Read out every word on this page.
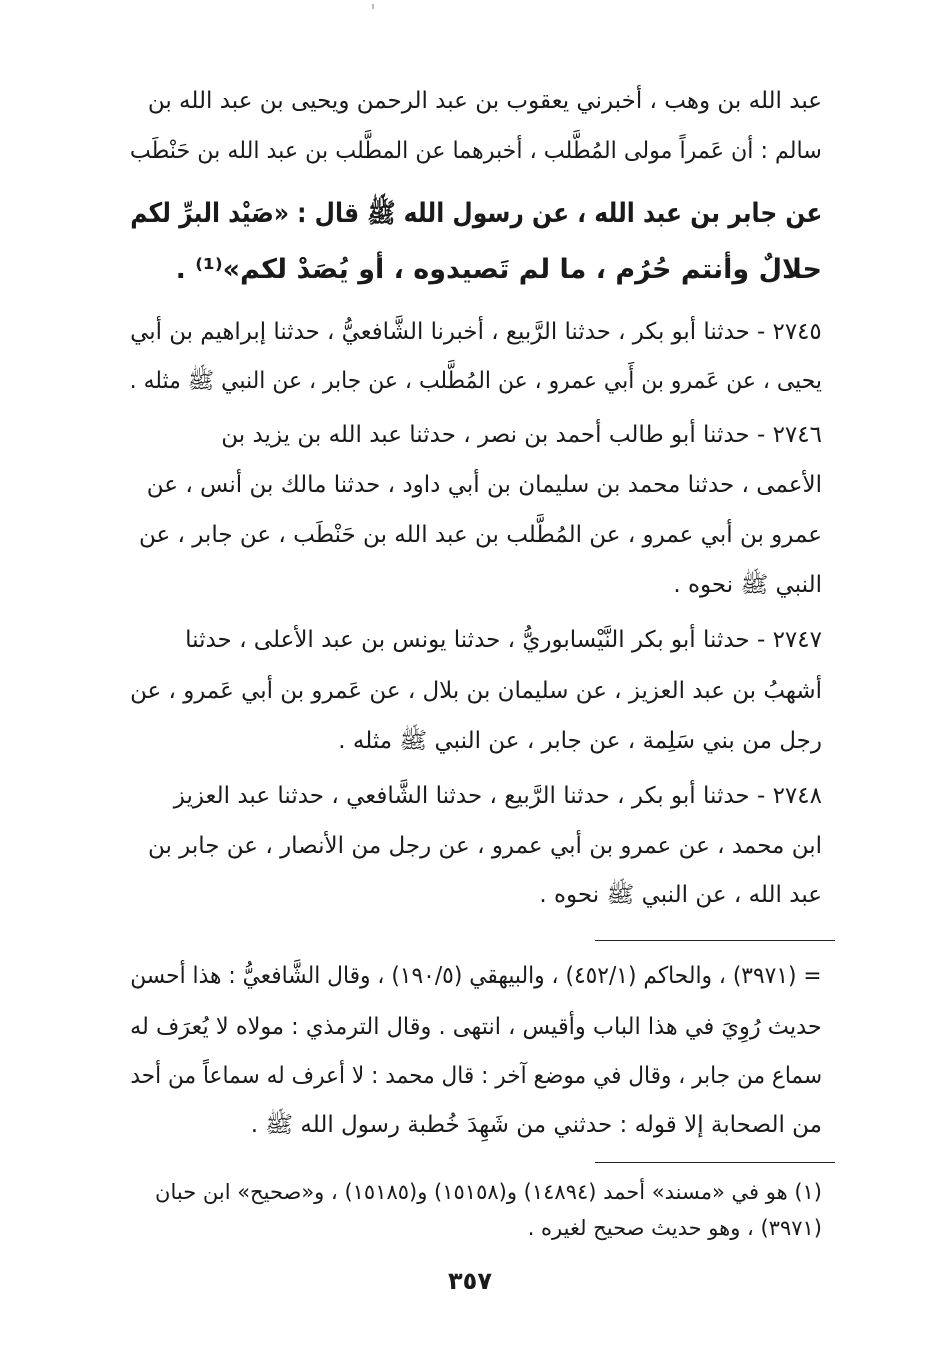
عبد الله بن وهب ، أخبرني يعقوب بن عبد الرحمن ويحيى بن عبد الله بن
سالم : أن عَمراً مولى المُطَّلب ، أخبرهما عن المطَّلب بن عبد الله بن حَنْطَب
عن جابر بن عبد الله ، عن رسول الله ﷺ قال : «صَيْد البرِّ لكم
حلالٌ وأنتم حُرُم ، ما لم تَصيدوه ، أو يُصَدْ لكم»⁽¹⁾ .
٢٧٤٥ - حدثنا أبو بكر ، حدثنا الرَّبيع ، أخبرنا الشَّافعيُّ ، حدثنا إبراهيم بن أبي
يحيى ، عن عَمرو بن أَبي عمرو ، عن المُطَّلب ، عن جابر ، عن النبي ﷺ مثله .
٢٧٤٦ - حدثنا أبو طالب أحمد بن نصر ، حدثنا عبد الله بن يزيد بن
الأعمى ، حدثنا محمد بن سليمان بن أبي داود ، حدثنا مالك بن أنس ، عن
عمرو بن أبي عمرو ، عن المُطَّلب بن عبد الله بن حَنْطَب ، عن جابر ، عن
النبي ﷺ نحوه .
٢٧٤٧ - حدثنا أبو بكر النَّيْسابوريُّ ، حدثنا يونس بن عبد الأعلى ، حدثنا
أشهبُ بن عبد العزيز ، عن سليمان بن بلال ، عن عَمرو بن أبي عَمرو ، عن
رجل من بني سَلِمة ، عن جابر ، عن النبي ﷺ مثله .
٢٧٤٨ - حدثنا أبو بكر ، حدثنا الرَّبيع ، حدثنا الشَّافعي ، حدثنا عبد العزيز
ابن محمد ، عن عمرو بن أبي عمرو ، عن رجل من الأنصار ، عن جابر بن
عبد الله ، عن النبي ﷺ نحوه .
= (٣٩٧١) ، والحاكم (٤٥٢/١) ، والبيهقي (١٩٠/٥) ، وقال الشَّافعيُّ : هذا أحسن
حديث رُوِيَ في هذا الباب وأقيس ، انتهى . وقال الترمذي : مولاه لا يُعرَف له
سماع من جابر ، وقال في موضع آخر : قال محمد : لا أعرف له سماعاً من أحد
من الصحابة إلا قوله : حدثني من شَهِدَ خُطبة رسول الله ﷺ .
(١) هو في «مسند» أحمد (١٤٨٩٤) و(١٥١٥٨) و(١٥١٨٥) ، و«صحيح» ابن حبان
(٣٩٧١) ، وهو حديث صحيح لغيره .
٣٥٧
